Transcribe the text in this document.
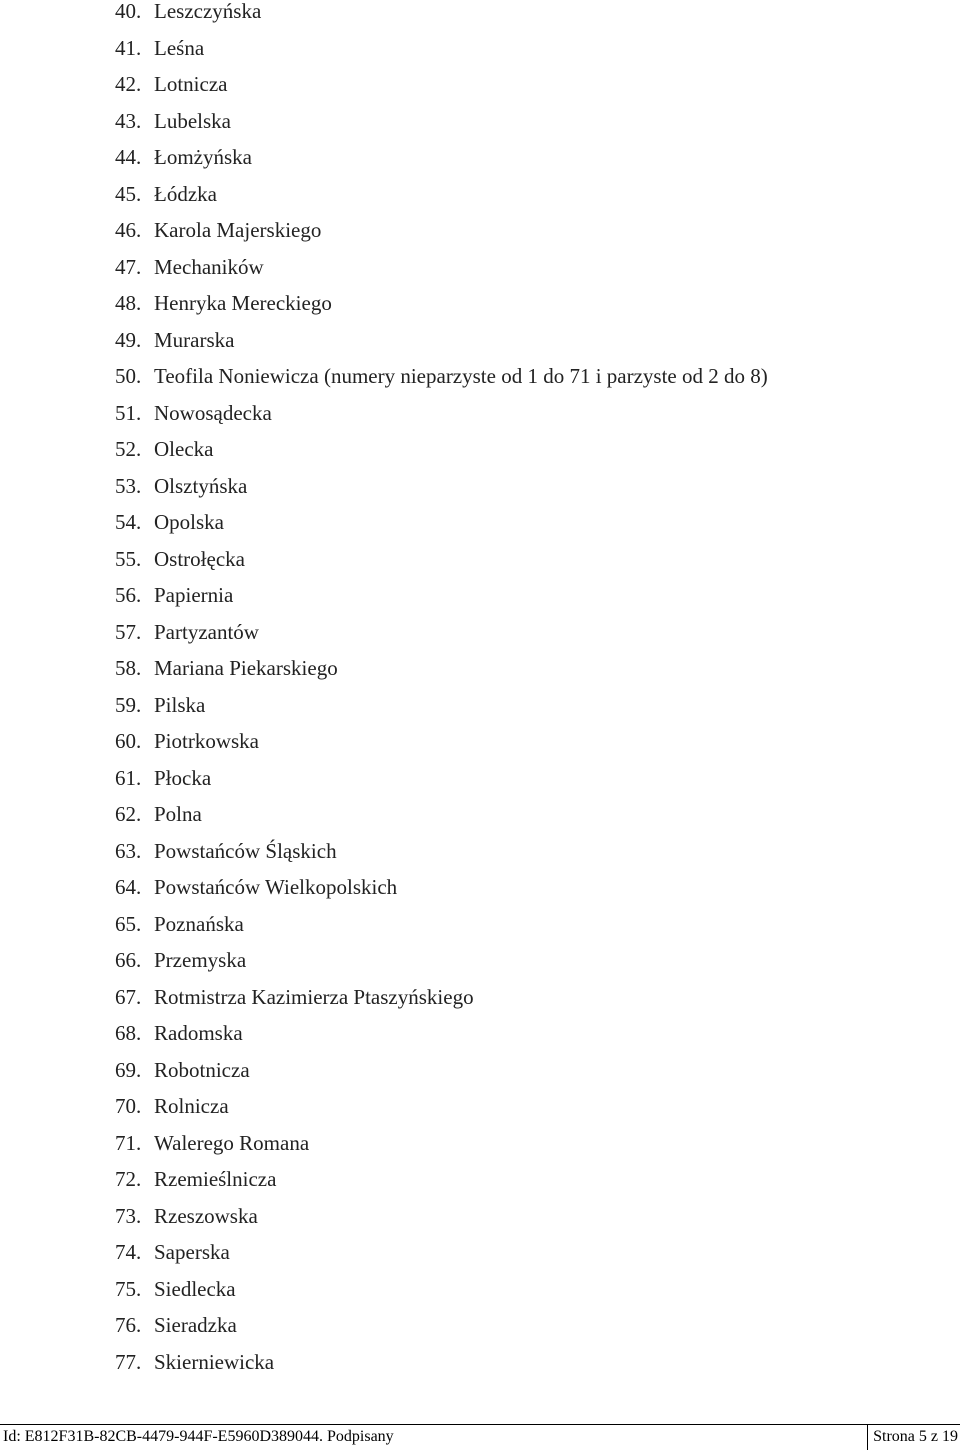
40. Leszczyńska
41. Leśna
42. Lotnicza
43. Lubelska
44. Łomżyńska
45. Łódzka
46. Karola Majerskiego
47. Mechaników
48. Henryka Mereckiego
49. Murarska
50. Teofila Noniewicza (numery nieparzyste od 1 do 71 i parzyste od 2 do 8)
51. Nowosądecka
52. Olecka
53. Olsztyńska
54. Opolska
55. Ostrołęcka
56. Papiernia
57. Partyzantów
58. Mariana Piekarskiego
59. Pilska
60. Piotrkowska
61. Płocka
62. Polna
63. Powstańców Śląskich
64. Powstańców Wielkopolskich
65. Poznańska
66. Przemyska
67. Rotmistrza Kazimierza Ptaszyńskiego
68. Radomska
69. Robotnicza
70. Rolnicza
71. Walerego Romana
72. Rzemieślnicza
73. Rzeszowska
74. Saperska
75. Siedlecka
76. Sieradzka
77. Skierniewicka
Id: E812F31B-82CB-4479-944F-E5960D389044. Podpisany	Strona 5 z 19
